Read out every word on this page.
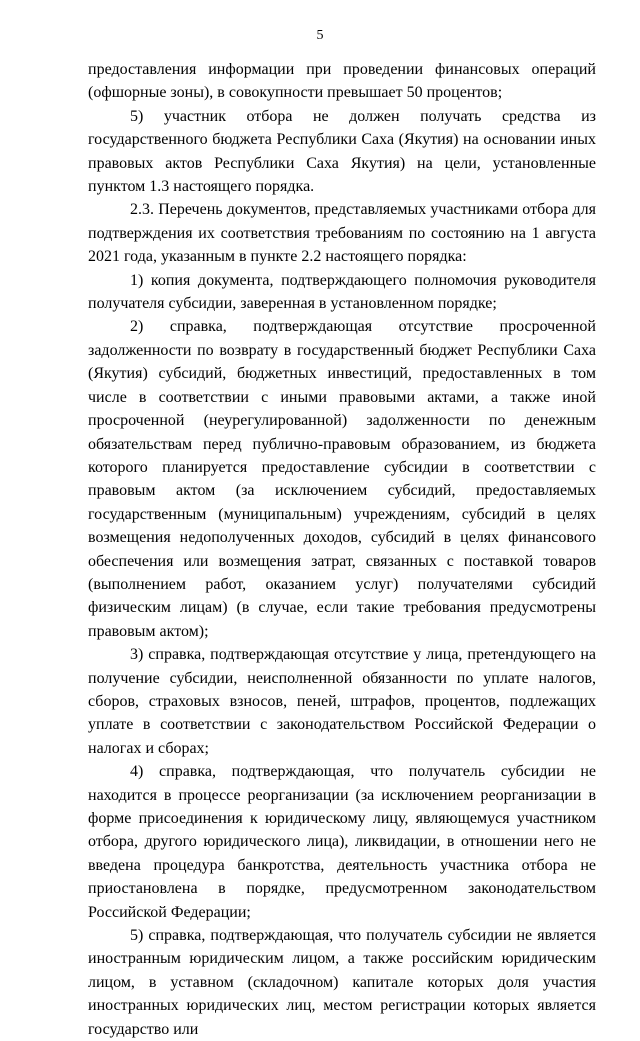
5

предоставления информации при проведении финансовых операций (офшорные зоны), в совокупности превышает 50 процентов;

5) участник отбора не должен получать средства из государственного бюджета Республики Саха (Якутия) на основании иных правовых актов Республики Саха Якутия) на цели, установленные пунктом 1.3 настоящего порядка.

2.3. Перечень документов, представляемых участниками отбора для подтверждения их соответствия требованиям по состоянию на 1 августа 2021 года, указанным в пункте 2.2 настоящего порядка:

1) копия документа, подтверждающего полномочия руководителя получателя субсидии, заверенная в установленном порядке;

2) справка, подтверждающая отсутствие просроченной задолженности по возврату в государственный бюджет Республики Саха (Якутия) субсидий, бюджетных инвестиций, предоставленных в том числе в соответствии с иными правовыми актами, а также иной просроченной (неурегулированной) задолженности по денежным обязательствам перед публично-правовым образованием, из бюджета которого планируется предоставление субсидии в соответствии с правовым актом (за исключением субсидий, предоставляемых государственным (муниципальным) учреждениям, субсидий в целях возмещения недополученных доходов, субсидий в целях финансового обеспечения или возмещения затрат, связанных с поставкой товаров (выполнением работ, оказанием услуг) получателями субсидий физическим лицам) (в случае, если такие требования предусмотрены правовым актом);

3) справка, подтверждающая отсутствие у лица, претендующего на получение субсидии, неисполненной обязанности по уплате налогов, сборов, страховых взносов, пеней, штрафов, процентов, подлежащих уплате в соответствии с законодательством Российской Федерации о налогах и сборах;

4) справка, подтверждающая, что получатель субсидии не находится в процессе реорганизации (за исключением реорганизации в форме присоединения к юридическому лицу, являющемуся участником отбора, другого юридического лица), ликвидации, в отношении него не введена процедура банкротства, деятельность участника отбора не приостановлена в порядке, предусмотренном законодательством Российской Федерации;

5) справка, подтверждающая, что получатель субсидии не является иностранным юридическим лицом, а также российским юридическим лицом, в уставном (складочном) капитале которых доля участия иностранных юридических лиц, местом регистрации которых является государство или
